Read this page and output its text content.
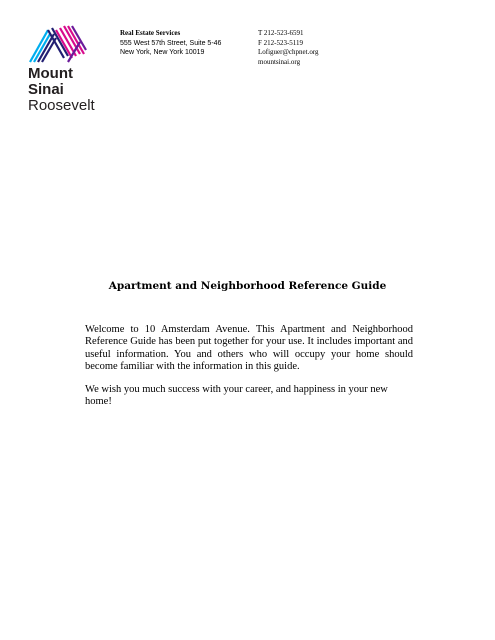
Mount
Sinai
Roosevelt
Real Estate Services
555 West 57th Street, Suite 5-46
New York, New York 10019
T 212-523-6591
F 212-523-5119
Lofiguer@chpnet.org
mountsinai.org
Apartment and Neighborhood Reference Guide

Welcome to 10 Amsterdam Avenue. This Apartment and Neighborhood Reference Guide has been put together for your use. It includes important and useful information. You and others who will occupy your home should become familiar with the information in this guide.

We wish you much success with your career, and happiness in your new home!
